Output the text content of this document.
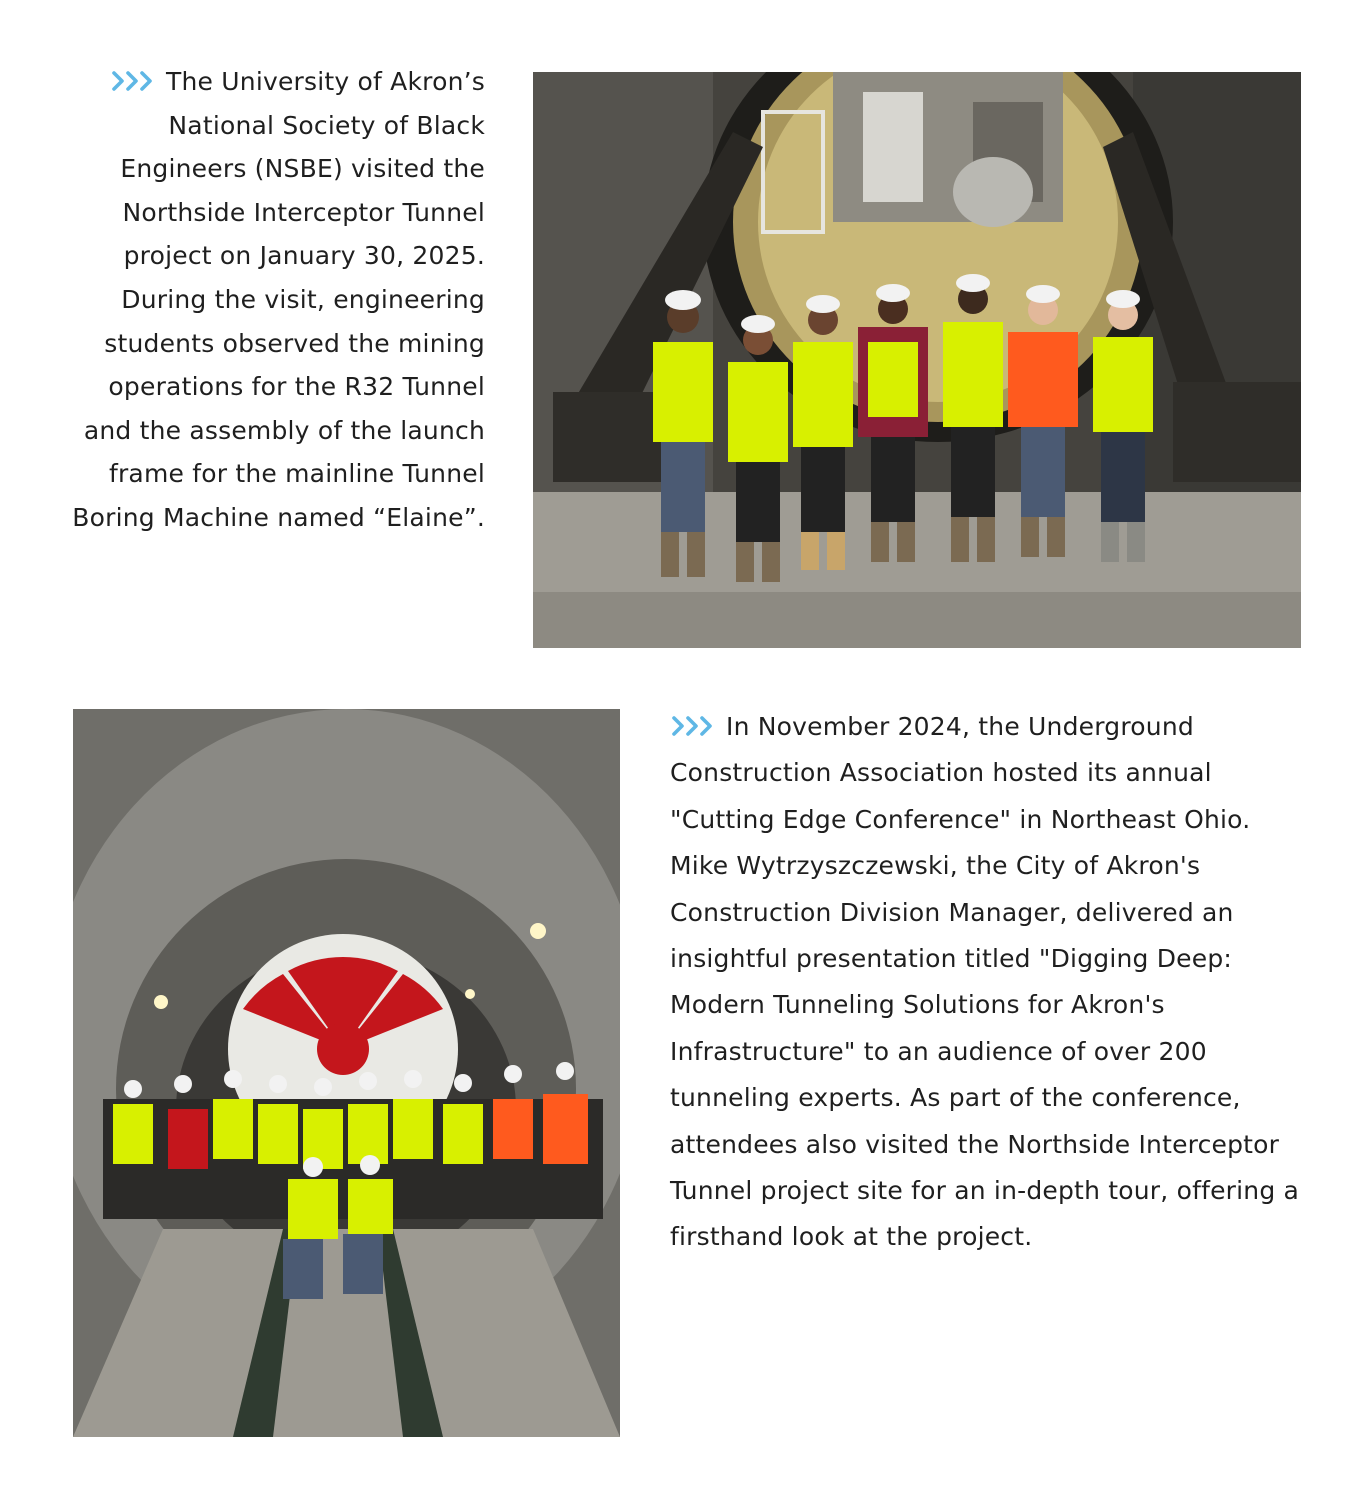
The University of Akron’s National Society of Black Engineers (NSBE) visited the Northside Interceptor Tunnel project on January 30, 2025. During the visit, engineering students observed the mining operations for the R32 Tunnel and the assembly of the launch frame for the mainline Tunnel Boring Machine named “Elaine”.
In November 2024, the Underground Construction Association hosted its annual "Cutting Edge Conference" in Northeast Ohio. Mike Wytrzyszczewski, the City of Akron's Construction Division Manager, delivered an insightful presentation titled "Digging Deep: Modern Tunneling Solutions for Akron's Infrastructure" to an audience of over 200 tunneling experts. As part of the conference, attendees also visited the Northside Interceptor Tunnel project site for an in-depth tour, offering a firsthand look at the project.
